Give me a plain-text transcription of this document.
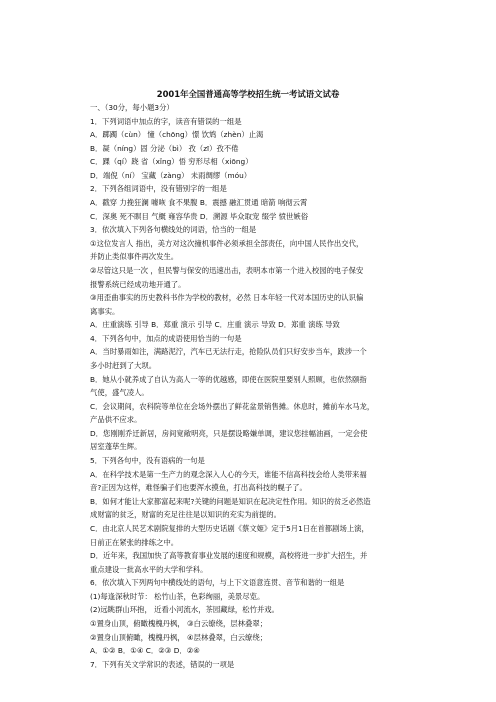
2001年全国普通高等学校招生统一考试语文试卷
一、（30分，每小题3分）
1．下列词语中加点的字，读音有错误的一组是
A．踯躅（cùn） 憧（chōng）憬 饮鸩（zhèn）止渴
B．凝（níng）固 分泌（bì） 孜（zī）孜不倦
C．踝（qí）跷 省（xǐng）悟 穷形尽相（xiōng）
D．端倪（ní） 宝藏（zàng） 未雨绸缪（móu）
2．下列各组词语中，没有错别字的一组是
A．戳穿 力挽狂澜 噱咴 食不果腹 B．震撼 融汇贯通 暗箭 响彻云霄
C．深奥 死不瞑目 气概 雍容华贵 D．溯源 毕众取宠 缀学 愤世嫉俗
3．依次填入下列各句横线处的词语，恰当的一组是
①这位发言人 指出，美方对这次撞机事件必须承担全部责任，向中国人民作出交代，
并防止类似事件再次发生。
②尽管这只是一次 ，但民警与保安的迅速出击，表明本市第一个进入校园的电子保安
报警系统已经成功地开通了。
③用歪曲事实的历史教科书作为学校的教材，必然 日本年轻一代对本国历史的认识偏
离事实。
A．庄重演练 引导 B．郑重 演示 引导 C．庄重 演示 导致 D．郑重 演练 导致
4．下列各句中，加点的成语使用恰当的一句是
A．当时暴雨如注，满路泥泞，汽车已无法行走，抢险队员们只好安步当车，跋涉一个
多小时赶到了大坝。
B．她从小就养成了自认为高人一等的优越感，即使在医院里要别人照顾，也依然颐指
气使，盛气凌人。
C．会议期间，农科院等单位在会场外摆出了鲜花盆景销售摊。休息时，摊前车水马龙，
产品供不应求。
D．您刚刚乔迁新居，房间宽敞明亮，只是摆设略嫌单调，建议您挂幅油画，一定会使
居室蓬荜生辉。
5．下列各句中，没有语病的一句是
A．在科学技术是第一生产力的观念深入人心的今天，谁能不信高科技会给人类带来福
音?正因为这样，难怪骗子们也要浑水摸鱼，打出高科技的幌子了。
B．如何才能让大家都富起来呢?关键的问题是知识在起决定性作用。知识的贫乏必然造
成财富的贫乏，财富的充足往往是以知识的充实为前提的。
C．由北京人民艺术剧院复排的大型历史话剧《蔡文姬》定于5月1日在首都剧场上演，
日前正在紧张的排练之中。
D．近年来，我国加快了高等教育事业发展的速度和规模，高校将进一步扩大招生，并
重点建设一批高水平的大学和学科。
6．依次填入下列两句中横线处的语句，与上下文语意连贯、音节和谐的一组是
(1)每逢深秋时节： 松竹山茶，色彩绚丽，美景尽览。
(2)远眺群山环抱， 近看小河流水，茶园藏绿，松竹并戏。
①置身山顶，俯瞰槐槐丹枫， ③白云缭绕，层林叠翠；
②置身山顶俯瞰，槐槐丹枫， ④层林叠翠，白云缭绕；
A．①② B．①④ C．②③ D．②④
7．下列有关文学常识的表述，错误的一项是
